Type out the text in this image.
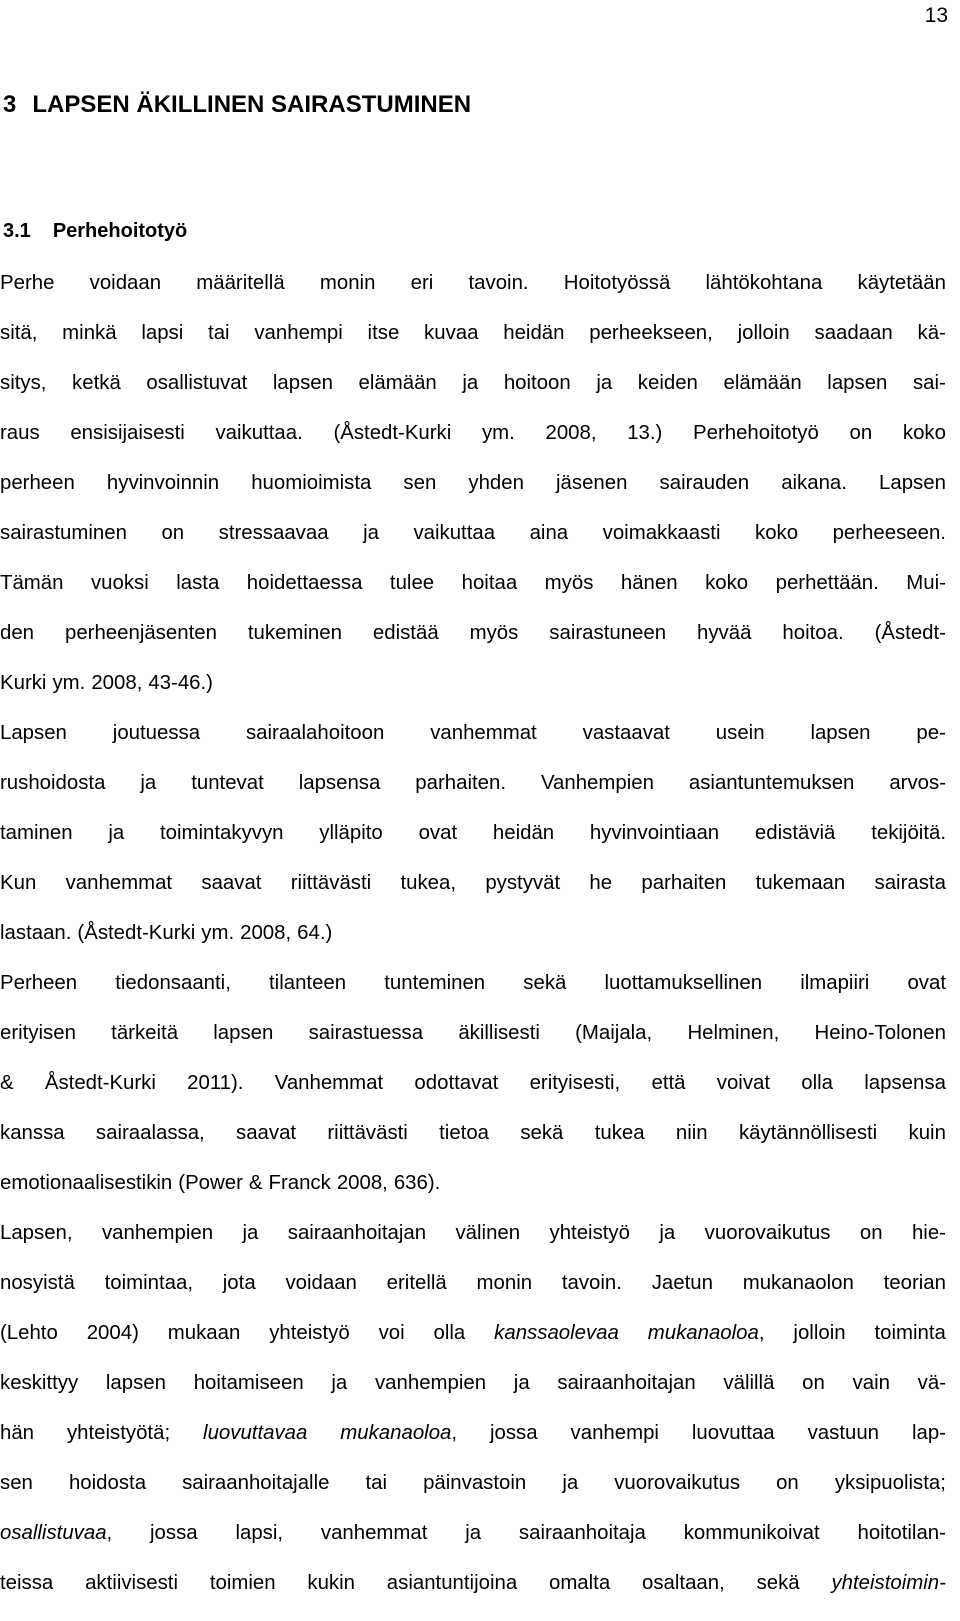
13
3 LAPSEN ÄKILLINEN SAIRASTUMINEN
3.1 Perhehoitotyö
Perhe voidaan määritellä monin eri tavoin. Hoitotyössä lähtökohtana käytetään
sitä, minkä lapsi tai vanhempi itse kuvaa heidän perheekseen, jolloin saadaan kä-
sitys, ketkä osallistuvat lapsen elämään ja hoitoon ja keiden elämään lapsen sai-
raus ensisijaisesti vaikuttaa. (Åstedt-Kurki ym. 2008, 13.) Perhehoitotyö on koko
perheen hyvinvoinnin huomioimista sen yhden jäsenen sairauden aikana. Lapsen
sairastuminen on stressaavaa ja vaikuttaa aina voimakkaasti koko perheeseen.
Tämän vuoksi lasta hoidettaessa tulee hoitaa myös hänen koko perhettään. Mui-
den perheenjäsenten tukeminen edistää myös sairastuneen hyvää hoitoa. (Åstedt-
Kurki ym. 2008, 43-46.)
Lapsen joutuessa sairaalahoitoon vanhemmat vastaavat usein lapsen pe-
rushoidosta ja tuntevat lapsensa parhaiten. Vanhempien asiantuntemuksen arvos-
taminen ja toimintakyvyn ylläpito ovat heidän hyvinvointiaan edistäviä tekijöitä.
Kun vanhemmat saavat riittävästi tukea, pystyvät he parhaiten tukemaan sairasta
lastaan. (Åstedt-Kurki ym. 2008, 64.)
Perheen tiedonsaanti, tilanteen tunteminen sekä luottamuksellinen ilmapiiri ovat
erityisen tärkeitä lapsen sairastuessa äkillisesti (Maijala, Helminen, Heino-Tolonen
& Åstedt-Kurki 2011). Vanhemmat odottavat erityisesti, että voivat olla lapsensa
kanssa sairaalassa, saavat riittävästi tietoa sekä tukea niin käytännöllisesti kuin
emotionaalisestikin (Power & Franck 2008, 636).
Lapsen, vanhempien ja sairaanhoitajan välinen yhteistyö ja vuorovaikutus on hie-
nosyistä toimintaa, jota voidaan eritellä monin tavoin. Jaetun mukanaolon teorian
(Lehto 2004) mukaan yhteistyö voi olla kanssaolevaa mukanaoloa, jolloin toiminta
keskittyy lapsen hoitamiseen ja vanhempien ja sairaanhoitajan välillä on vain vä-
hän yhteistyötä; luovuttavaa mukanaoloa, jossa vanhempi luovuttaa vastuun lap-
sen hoidosta sairaanhoitajalle tai päinvastoin ja vuorovaikutus on yksipuolista;
osallistuvaa, jossa lapsi, vanhemmat ja sairaanhoitaja kommunikoivat hoitotilan-
teissa aktiivisesti toimien kukin asiantuntijoina omalta osaltaan, sekä yhteistoimin-
